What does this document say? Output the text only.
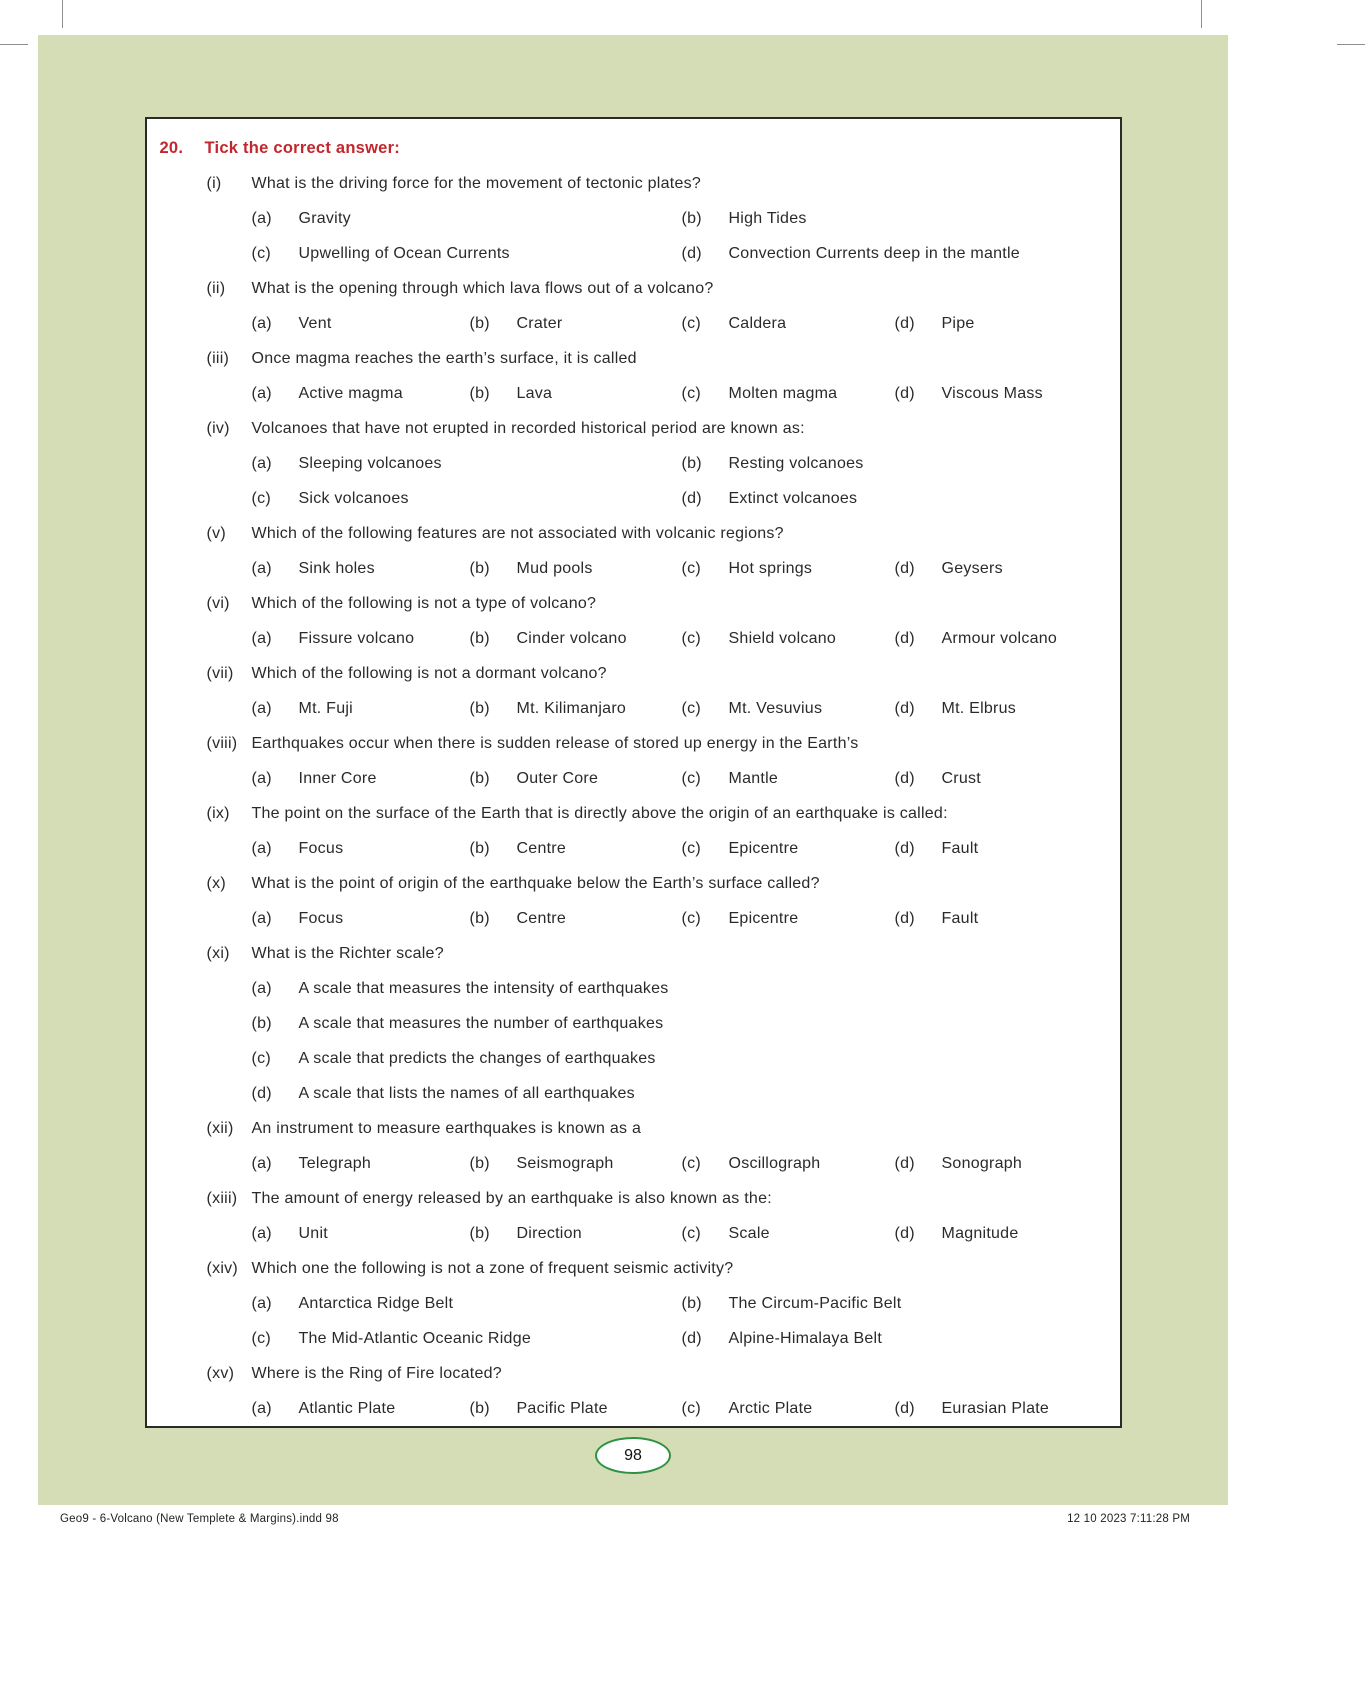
20.	Tick the correct answer:
(i)	What is the driving force for the movement of tectonic plates?
(a)	Gravity	(b)	High Tides
(c)	Upwelling of Ocean Currents	(d)	Convection Currents deep in the mantle
(ii)	What is the opening through which lava flows out of a volcano?
(a)	Vent	(b)	Crater	(c)	Caldera	(d)	Pipe
(iii)	Once magma reaches the earth’s surface, it is called
(a)	Active magma	(b)	Lava	(c)	Molten magma	(d)	Viscous Mass
(iv)	Volcanoes that have not erupted in recorded historical period are known as:
(a)	Sleeping volcanoes	(b)	Resting volcanoes
(c)	Sick volcanoes	(d)	Extinct volcanoes
(v)	Which of the following features are not associated with volcanic regions?
(a)	Sink holes	(b)	Mud pools	(c)	Hot springs	(d)	Geysers
(vi)	Which of the following is not a type of volcano?
(a)	Fissure volcano	(b)	Cinder volcano	(c)	Shield volcano	(d)	Armour volcano
(vii)	Which of the following is not a dormant volcano?
(a)	Mt. Fuji	(b)	Mt. Kilimanjaro	(c)	Mt. Vesuvius	(d)	Mt. Elbrus
(viii) Earthquakes occur when there is sudden release of stored up energy in the Earth’s
(a)	Inner Core	(b)	Outer Core	(c)	Mantle	(d)	Crust
(ix)	The point on the surface of the Earth that is directly above the origin of an earthquake is called:
(a)	Focus	(b)	Centre	(c)	Epicentre	(d)	Fault
(x)	What is the point of origin of the earthquake below the Earth’s surface called?
(a)	Focus	(b)	Centre	(c)	Epicentre	(d)	Fault
(xi)	What is the Richter scale?
(a)	A scale that measures the intensity of earthquakes
(b)	A scale that measures the number of earthquakes
(c)	A scale that predicts the changes of earthquakes
(d)	A scale that lists the names of all earthquakes
(xii)	An instrument to measure earthquakes is known as a
(a)	Telegraph	(b)	Seismograph	(c)	Oscillograph	(d)	Sonograph
(xiii) The amount of energy released by an earthquake is also known as the:
(a)	Unit	(b)	Direction	(c)	Scale	(d)	Magnitude
(xiv) Which one the following is not a zone of frequent seismic activity?
(a)	Antarctica Ridge Belt	(b)	The Circum-Pacific Belt
(c)	The Mid-Atlantic Oceanic Ridge	(d)	Alpine-Himalaya Belt
(xv)	Where is the Ring of Fire located?
(a)	Atlantic Plate	(b)	Pacific Plate	(c)	Arctic Plate	(d)	Eurasian Plate
98
Geo9 - 6-Volcano (New Templete & Margins).indd 98	12 10 2023 7:11:28 PM
